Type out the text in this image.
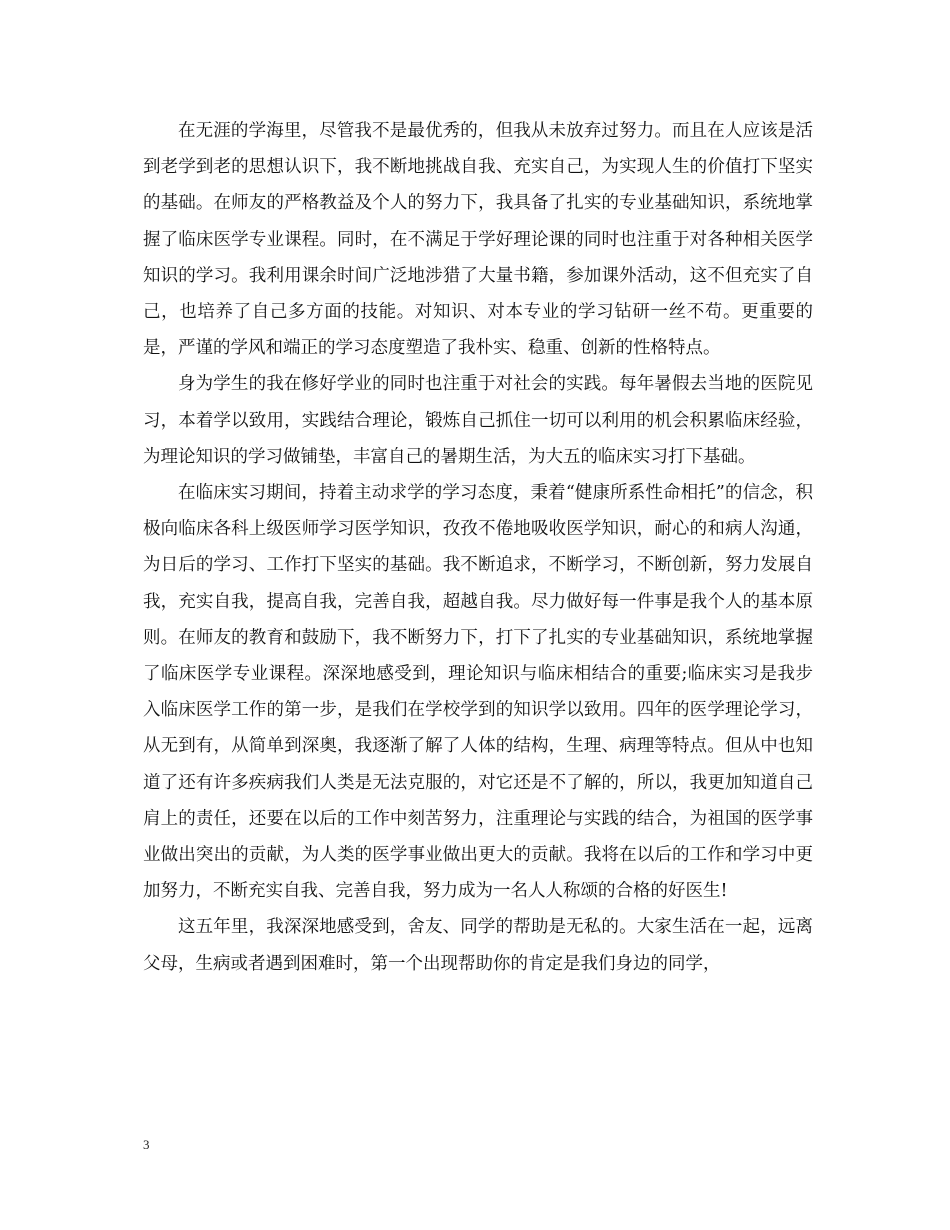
在无涯的学海里，尽管我不是最优秀的，但我从未放弃过努力。而且在人应该是活到老学到老的思想认识下，我不断地挑战自我、充实自己，为实现人生的价值打下坚实的基础。在师友的严格教益及个人的努力下，我具备了扎实的专业基础知识，系统地掌握了临床医学专业课程。同时，在不满足于学好理论课的同时也注重于对各种相关医学知识的学习。我利用课余时间广泛地涉猎了大量书籍，参加课外活动，这不但充实了自己，也培养了自己多方面的技能。对知识、对本专业的学习钻研一丝不苟。更重要的是，严谨的学风和端正的学习态度塑造了我朴实、稳重、创新的性格特点。

身为学生的我在修好学业的同时也注重于对社会的实践。每年暑假去当地的医院见习，本着学以致用，实践结合理论，锻炼自己抓住一切可以利用的机会积累临床经验，为理论知识的学习做铺垫，丰富自己的暑期生活，为大五的临床实习打下基础。

在临床实习期间，持着主动求学的学习态度，秉着“健康所系性命相托”的信念，积极向临床各科上级医师学习医学知识，孜孜不倦地吸收医学知识，耐心的和病人沟通，为日后的学习、工作打下坚实的基础。我不断追求，不断学习，不断创新，努力发展自我，充实自我，提高自我，完善自我，超越自我。尽力做好每一件事是我个人的基本原则。在师友的教育和鼓励下，我不断努力下，打下了扎实的专业基础知识，系统地掌握了临床医学专业课程。深深地感受到，理论知识与临床相结合的重要;临床实习是我步入临床医学工作的第一步，是我们在学校学到的知识学以致用。四年的医学理论学习，从无到有，从简单到深奥，我逐渐了解了人体的结构，生理、病理等特点。但从中也知道了还有许多疾病我们人类是无法克服的，对它还是不了解的，所以，我更加知道自己肩上的责任，还要在以后的工作中刻苦努力，注重理论与实践的结合，为祖国的医学事业做出突出的贡献，为人类的医学事业做出更大的贡献。我将在以后的工作和学习中更加努力，不断充实自我、完善自我，努力成为一名人人称颂的合格的好医生!

这五年里，我深深地感受到，舍友、同学的帮助是无私的。大家生活在一起，远离父母，生病或者遇到困难时，第一个出现帮助你的肯定是我们身边的同学，

3
